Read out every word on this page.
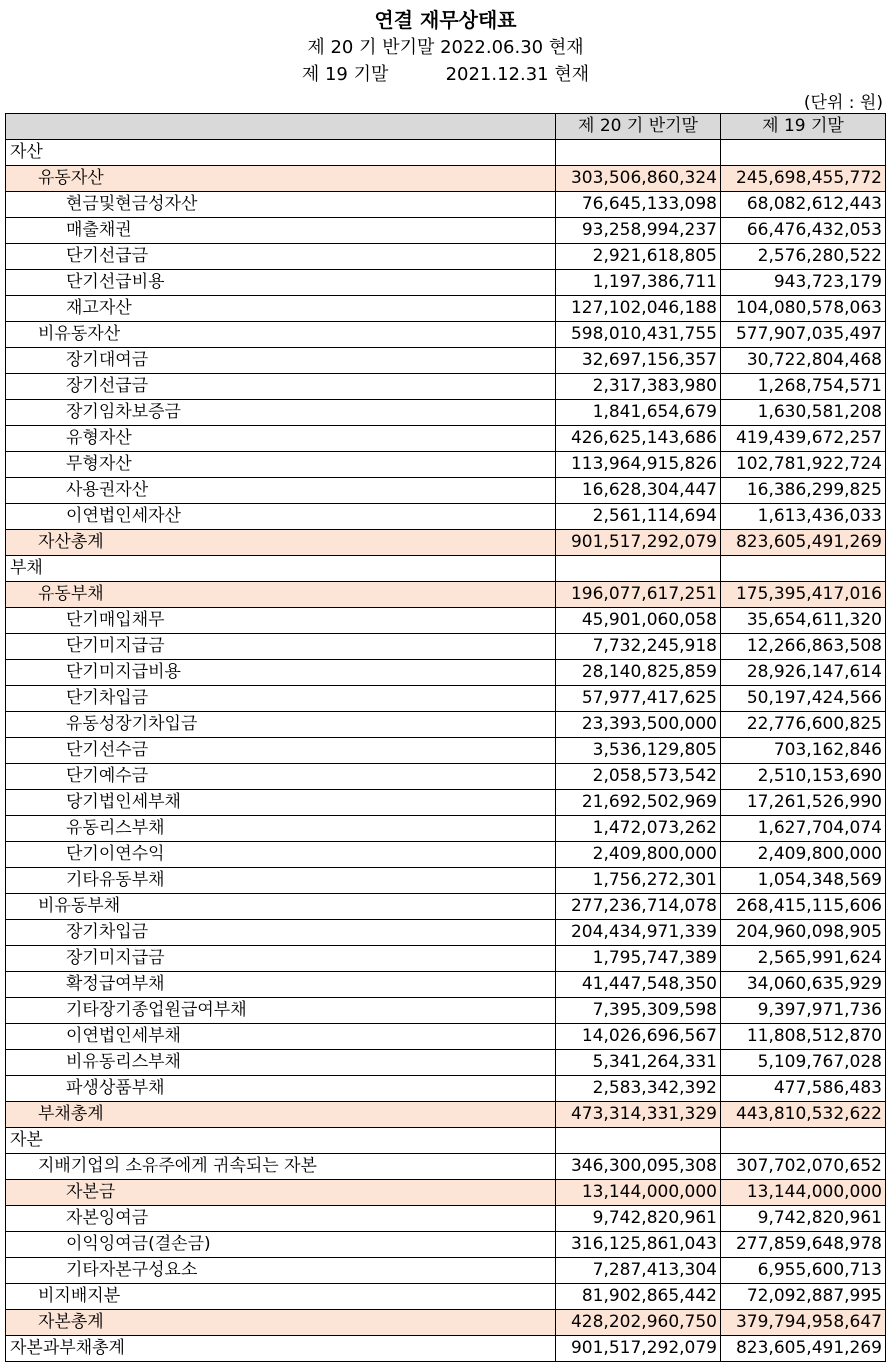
연결 재무상태표
제 20 기 반기말 2022.06.30 현재
제 19 기말          2021.12.31 현재
(단위 : 원)
	제 20 기 반기말	제 19 기말
자산		
유동자산	303,506,860,324	245,698,455,772
현금및현금성자산	76,645,133,098	68,082,612,443
매출채권	93,258,994,237	66,476,432,053
단기선급금	2,921,618,805	2,576,280,522
단기선급비용	1,197,386,711	943,723,179
재고자산	127,102,046,188	104,080,578,063
비유동자산	598,010,431,755	577,907,035,497
장기대여금	32,697,156,357	30,722,804,468
장기선급금	2,317,383,980	1,268,754,571
장기임차보증금	1,841,654,679	1,630,581,208
유형자산	426,625,143,686	419,439,672,257
무형자산	113,964,915,826	102,781,922,724
사용권자산	16,628,304,447	16,386,299,825
이연법인세자산	2,561,114,694	1,613,436,033
자산총계	901,517,292,079	823,605,491,269
부채		
유동부채	196,077,617,251	175,395,417,016
단기매입채무	45,901,060,058	35,654,611,320
단기미지급금	7,732,245,918	12,266,863,508
단기미지급비용	28,140,825,859	28,926,147,614
단기차입금	57,977,417,625	50,197,424,566
유동성장기차입금	23,393,500,000	22,776,600,825
단기선수금	3,536,129,805	703,162,846
단기예수금	2,058,573,542	2,510,153,690
당기법인세부채	21,692,502,969	17,261,526,990
유동리스부채	1,472,073,262	1,627,704,074
단기이연수익	2,409,800,000	2,409,800,000
기타유동부채	1,756,272,301	1,054,348,569
비유동부채	277,236,714,078	268,415,115,606
장기차입금	204,434,971,339	204,960,098,905
장기미지급금	1,795,747,389	2,565,991,624
확정급여부채	41,447,548,350	34,060,635,929
기타장기종업원급여부채	7,395,309,598	9,397,971,736
이연법인세부채	14,026,696,567	11,808,512,870
비유동리스부채	5,341,264,331	5,109,767,028
파생상품부채	2,583,342,392	477,586,483
부채총계	473,314,331,329	443,810,532,622
자본		
지배기업의 소유주에게 귀속되는 자본	346,300,095,308	307,702,070,652
자본금	13,144,000,000	13,144,000,000
자본잉여금	9,742,820,961	9,742,820,961
이익잉여금(결손금)	316,125,861,043	277,859,648,978
기타자본구성요소	7,287,413,304	6,955,600,713
비지배지분	81,902,865,442	72,092,887,995
자본총계	428,202,960,750	379,794,958,647
자본과부채총계	901,517,292,079	823,605,491,269
